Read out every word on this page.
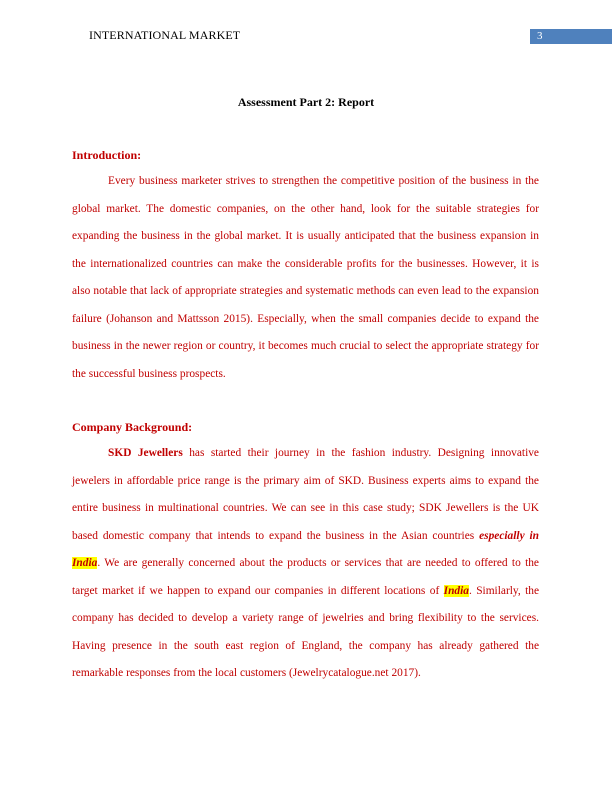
INTERNATIONAL MARKET	3
Assessment Part 2: Report
Introduction:

Every business marketer strives to strengthen the competitive position of the business in the global market. The domestic companies, on the other hand, look for the suitable strategies for expanding the business in the global market. It is usually anticipated that the business expansion in the internationalized countries can make the considerable profits for the businesses. However, it is also notable that lack of appropriate strategies and systematic methods can even lead to the expansion failure (Johanson and Mattsson 2015). Especially, when the small companies decide to expand the business in the newer region or country, it becomes much crucial to select the appropriate strategy for the successful business prospects.

Company Background:

SKD Jewellers has started their journey in the fashion industry. Designing innovative jewelers in affordable price range is the primary aim of SKD. Business experts aims to expand the entire business in multinational countries. We can see in this case study; SDK Jewellers is the UK based domestic company that intends to expand the business in the Asian countries especially in India. We are generally concerned about the products or services that are needed to offered to the target market if we happen to expand our companies in different locations of India. Similarly, the company has decided to develop a variety range of jewelries and bring flexibility to the services. Having presence in the south east region of England, the company has already gathered the remarkable responses from the local customers (Jewelrycatalogue.net 2017).
